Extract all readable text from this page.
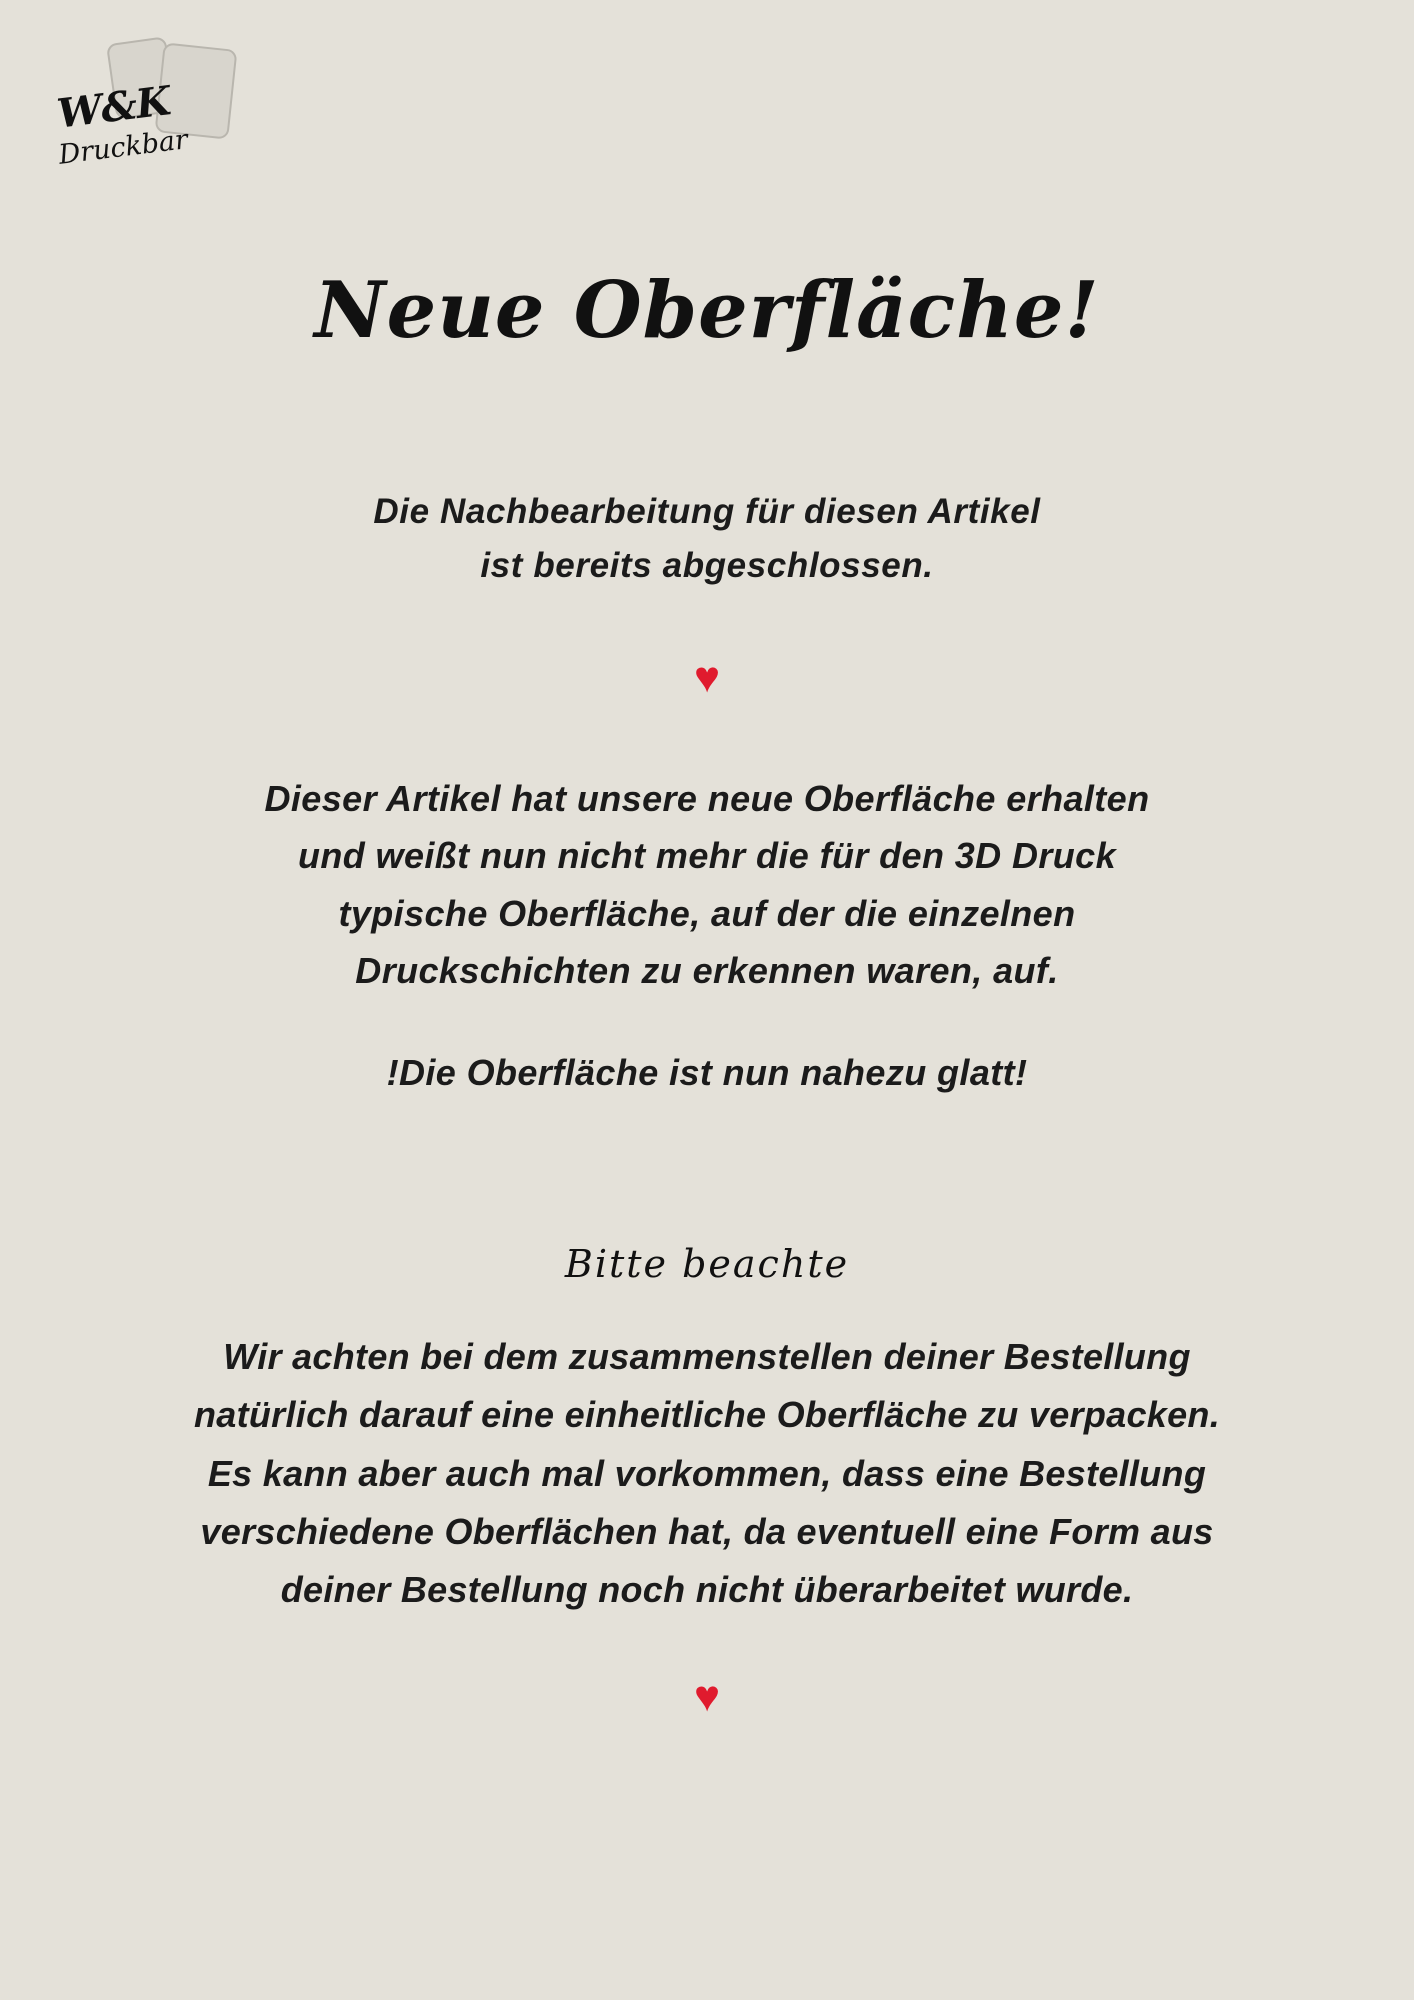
W&K
Druckbar
Neue Oberfläche!
Die Nachbearbeitung für diesen Artikel
ist bereits abgeschlossen.
♥
Dieser Artikel hat unsere neue Oberfläche erhalten
und weißt nun nicht mehr die für den 3D Druck
typische Oberfläche, auf der die einzelnen
Druckschichten zu erkennen waren, auf.
!Die Oberfläche ist nun nahezu glatt!
Bitte beachte
Wir achten bei dem zusammenstellen deiner Bestellung
natürlich darauf eine einheitliche Oberfläche zu verpacken.
Es kann aber auch mal vorkommen, dass eine Bestellung
verschiedene Oberflächen hat, da eventuell eine Form aus
deiner Bestellung noch nicht überarbeitet wurde.
♥
